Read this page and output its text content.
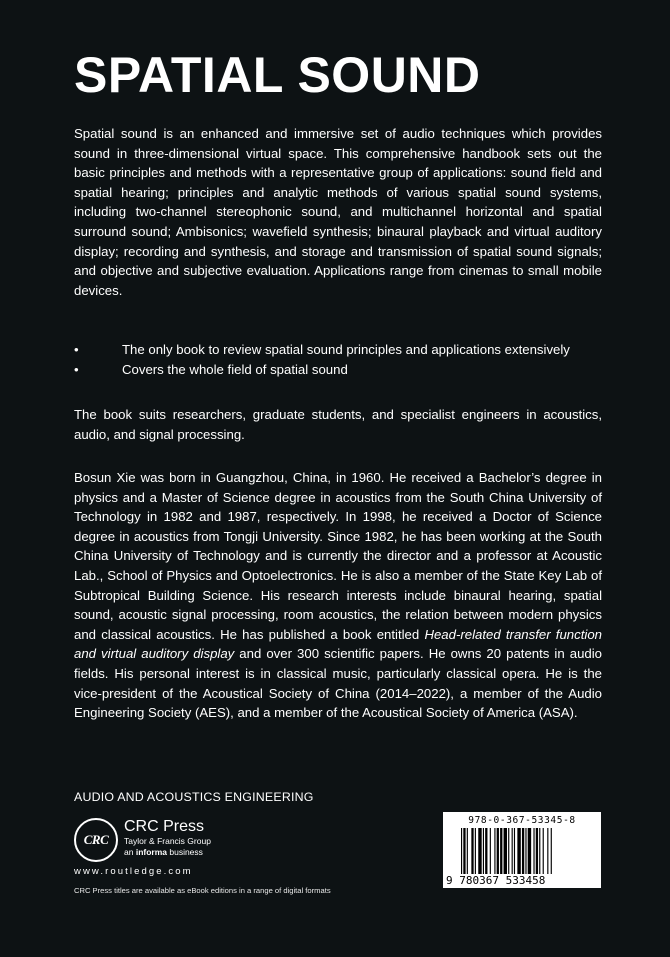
SPATIAL SOUND

Spatial sound is an enhanced and immersive set of audio techniques which provides sound in three-dimensional virtual space. This comprehensive handbook sets out the basic principles and methods with a representative group of applications: sound field and spatial hearing; principles and analytic methods of various spatial sound systems, including two-channel stereophonic sound, and multichannel horizontal and spatial surround sound; Ambisonics; wavefield synthesis; binaural playback and virtual auditory display; recording and synthesis, and storage and transmission of spatial sound signals; and objective and subjective evaluation. Applications range from cinemas to small mobile devices.

•	The only book to review spatial sound principles and applications extensively
•	Covers the whole field of spatial sound

The book suits researchers, graduate students, and specialist engineers in acoustics, audio, and signal processing.

Bosun Xie was born in Guangzhou, China, in 1960. He received a Bachelor’s degree in physics and a Master of Science degree in acoustics from the South China University of Technology in 1982 and 1987, respectively. In 1998, he received a Doctor of Science degree in acoustics from Tongji University. Since 1982, he has been working at the South China University of Technology and is currently the director and a professor at Acoustic Lab., School of Physics and Optoelectronics. He is also a member of the State Key Lab of Subtropical Building Science. His research interests include binaural hearing, spatial sound, acoustic signal processing, room acoustics, the relation between modern physics and classical acoustics. He has published a book entitled Head-related transfer function and virtual auditory display and over 300 scientific papers. He owns 20 patents in audio fields. His personal interest is in classical music, particularly classical opera. He is the vice-president of the Acoustical Society of China (2014–2022), a member of the Audio Engineering Society (AES), and a member of the Acoustical Society of America (ASA).

AUDIO AND ACOUSTICS ENGINEERING
CRC
CRC Press
Taylor & Francis Group
an informa business
www.routledge.com
CRC Press titles are available as eBook editions in a range of digital formats
978-0-367-53345-8
9 780367 533458
